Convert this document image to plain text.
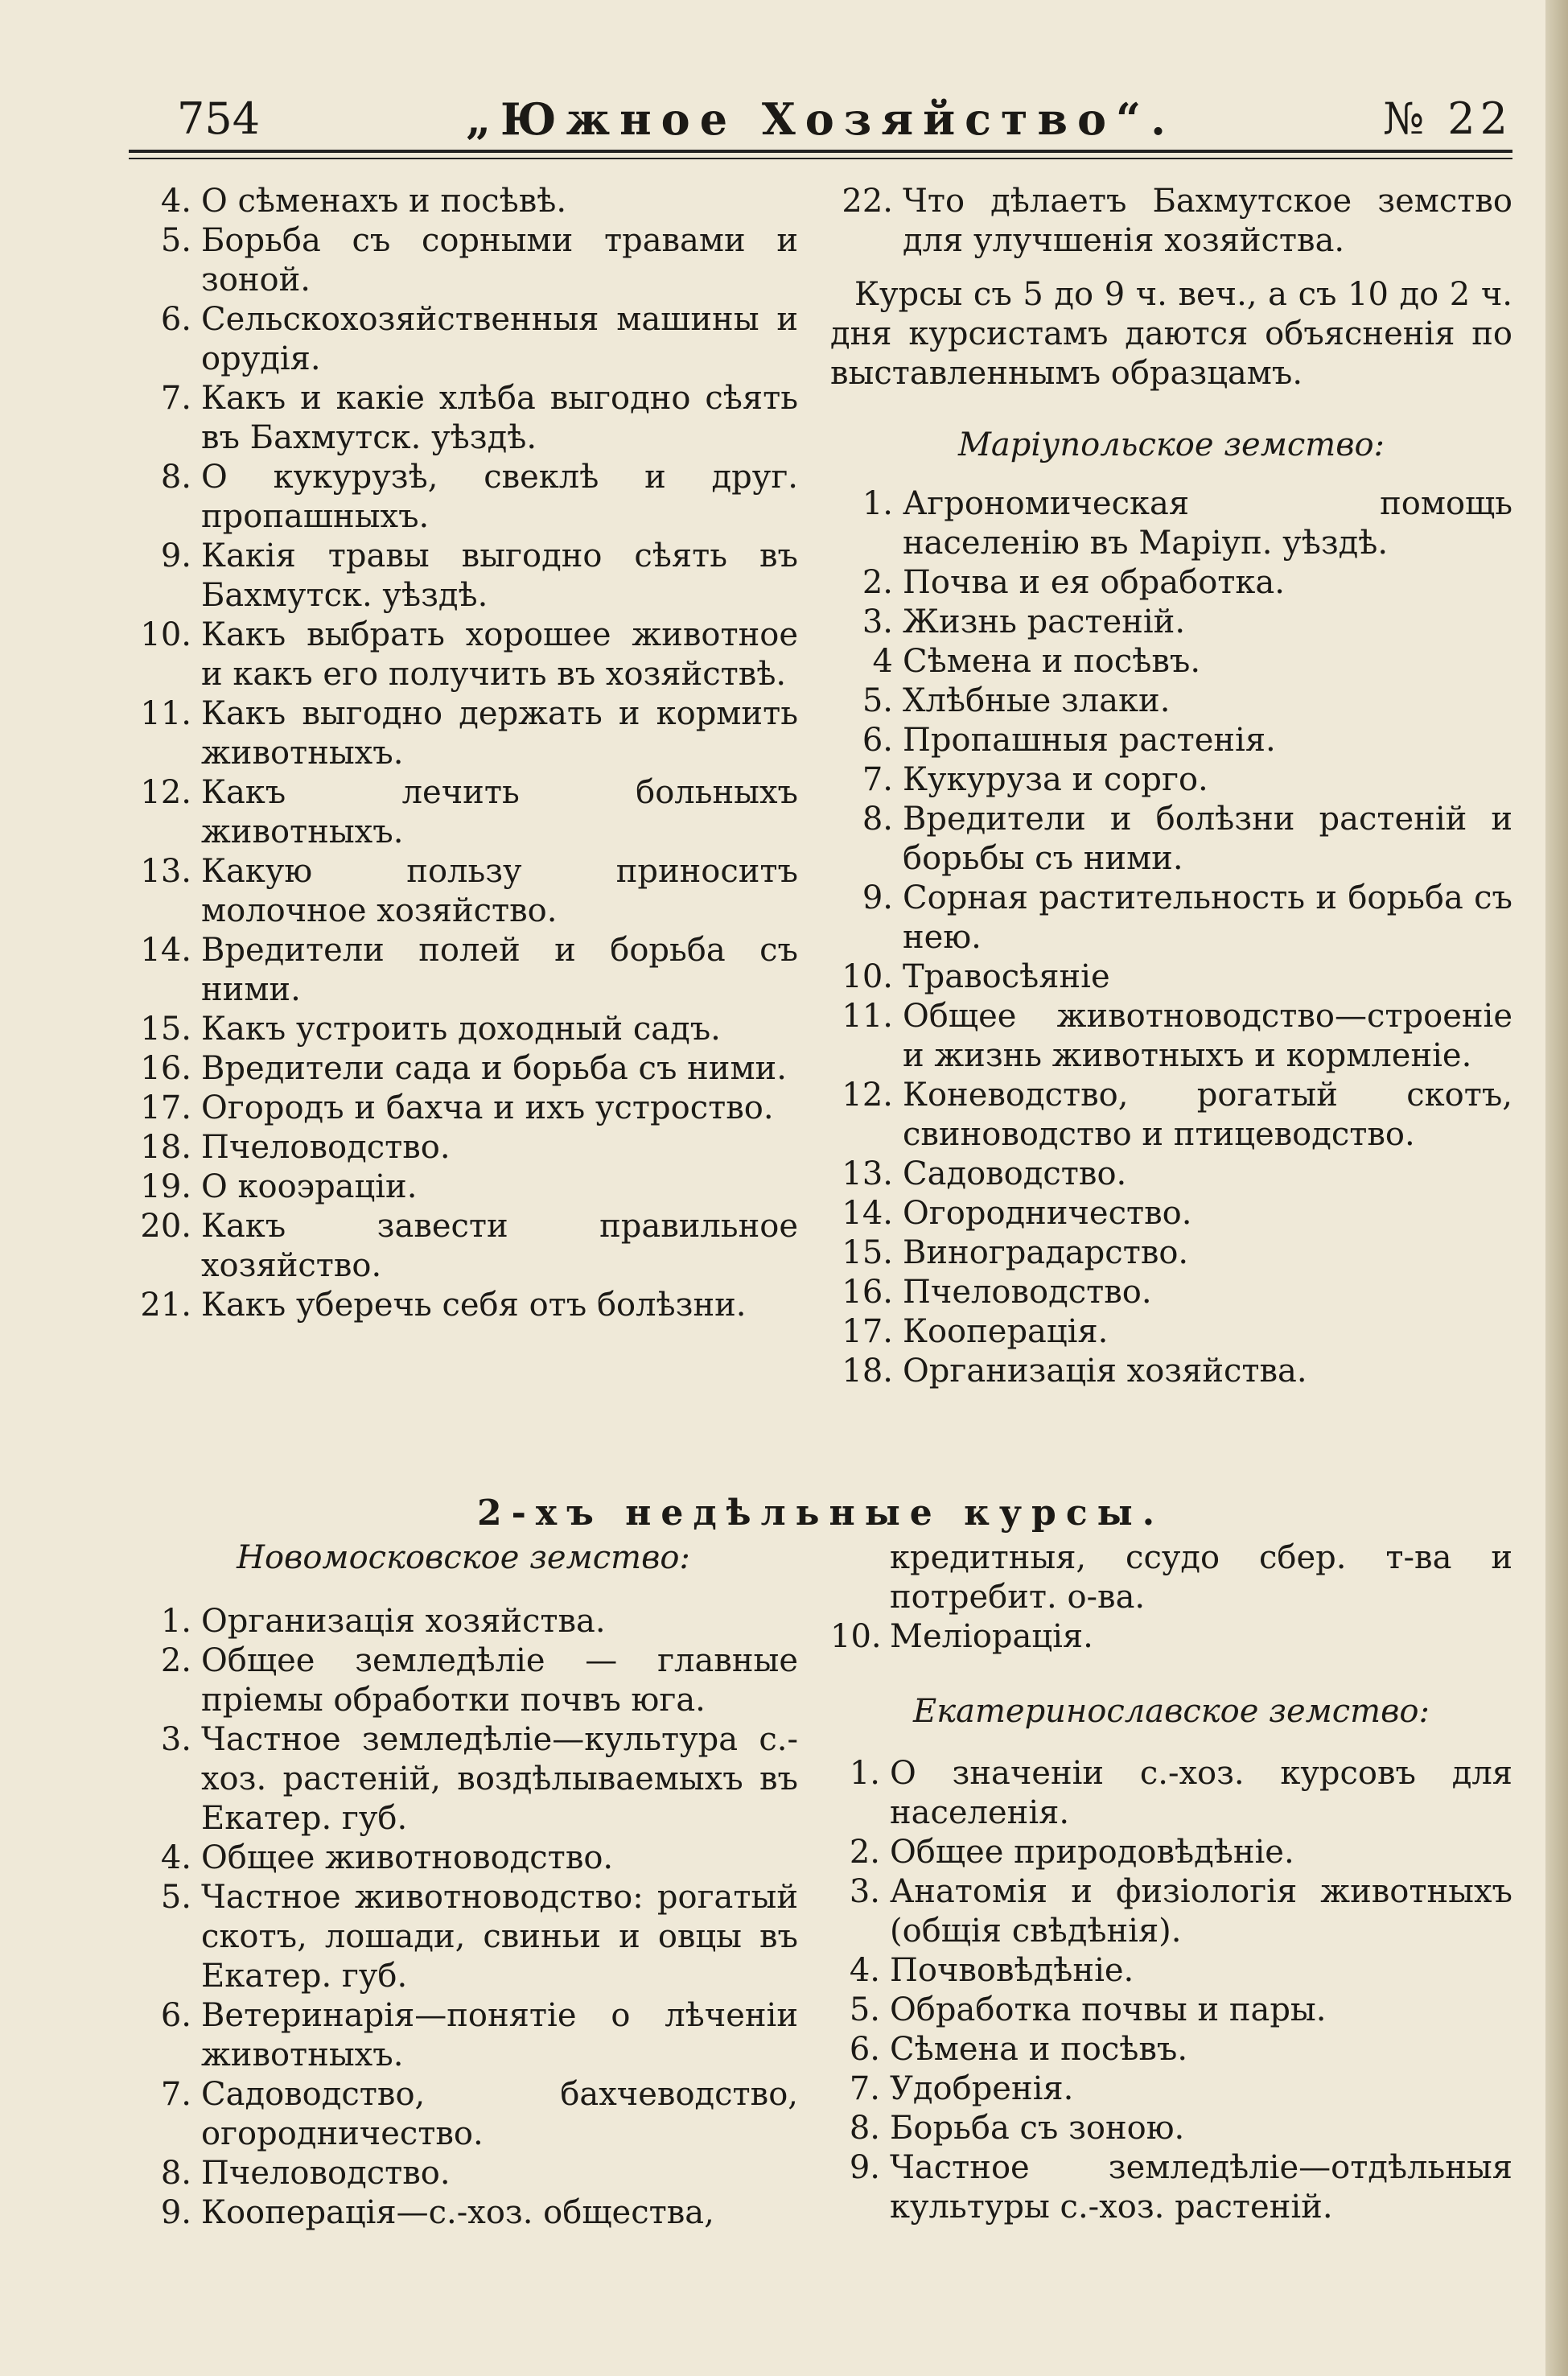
754	„Южное Хозяйство“.	№ 22
4. О сѣменахъ и посѣвѣ.
5. Борьба съ сорными травами и зоной.
6. Сельскохозяйственныя машины и орудія.
7. Какъ и какіе хлѣба выгодно сѣять въ Бахмутск. уѣздѣ.
8. О кукурузѣ, свеклѣ и друг. пропашныхъ.
9. Какія травы выгодно сѣять въ Бахмутск. уѣздѣ.
10. Какъ выбрать хорошее животное и какъ его получить въ хозяйствѣ.
11. Какъ выгодно держать и кормить животныхъ.
12. Какъ лечить больныхъ животныхъ.
13. Какую пользу приноситъ молочное хозяйство.
14. Вредители полей и борьба съ ними.
15. Какъ устроить доходный садъ.
16. Вредители сада и борьба съ ними.
17. Огородъ и бахча и ихъ устроство.
18. Пчеловодство.
19. О кооэраціи.
20. Какъ завести правильное хозяйство.
21. Какъ уберечь себя отъ болѣзни.
22. Что дѣлаетъ Бахмутское земство для улучшенія хозяйства.
Курсы съ 5 до 9 ч. веч., а съ 10 до 2 ч. дня курсистамъ даются объясненія по выставленнымъ образцамъ.
Маріупольское земство:
1. Агрономическая помощь населенію въ Маріуп. уѣздѣ.
2. Почва и ея обработка.
3. Жизнь растеній.
4 Сѣмена и посѣвъ.
5. Хлѣбные злаки.
6. Пропашныя растенія.
7. Кукуруза и сорго.
8. Вредители и болѣзни растеній и борьбы съ ними.
9. Сорная растительность и борьба съ нею.
10. Травосѣяніе
11. Общее животноводство—строеніе и жизнь животныхъ и кормленіе.
12. Коневодство, рогатый скотъ, свиноводство и птицеводство.
13. Садоводство.
14. Огородничество.
15. Виноградарство.
16. Пчеловодство.
17. Кооперація.
18. Организація хозяйства.
2-хъ недѣльные курсы.
Новомосковское земство:
1. Организація хозяйства.
2. Общее земледѣліе — главные пріемы обработки почвъ юга.
3. Частное земледѣліе—культура с.-хоз. растеній, воздѣлываемыхъ въ Екатер. губ.
4. Общее животноводство.
5. Частное животноводство: рогатый скотъ, лошади, свиньи и овцы въ Екатер. губ.
6. Ветеринарія—понятіе о лѣченіи животныхъ.
7. Садоводство, бахчеводство, огородничество.
8. Пчеловодство.
9. Кооперація—с.-хоз. общества,
кредитныя, ссудо сбер. т-ва и потребит. о-ва.
10. Меліорація.
Екатеринославское земство:
1. О значеніи с.-хоз. курсовъ для населенія.
2. Общее природовѣдѣніе.
3. Анатомія и физіологія животныхъ (общія свѣдѣнія).
4. Почвовѣдѣніе.
5. Обработка почвы и пары.
6. Сѣмена и посѣвъ.
7. Удобренія.
8. Борьба съ зоною.
9. Частное земледѣліе—отдѣльныя культуры с.-хоз. растеній.
